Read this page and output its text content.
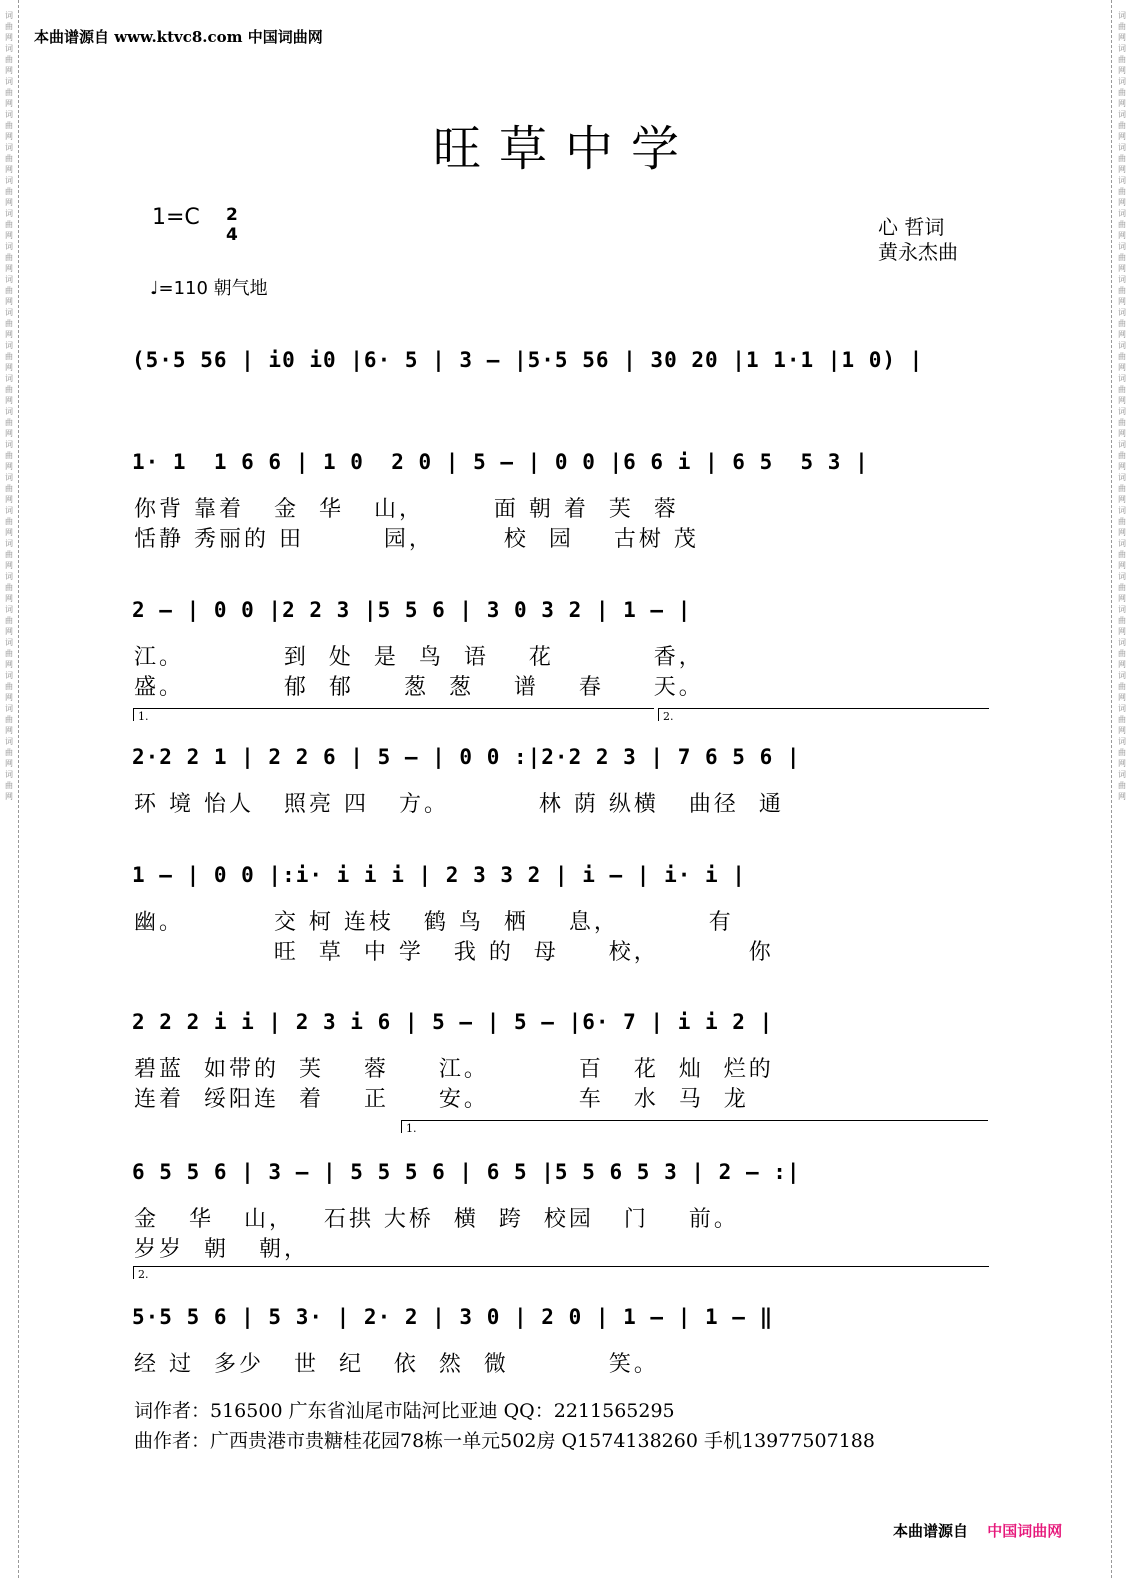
词曲网词曲网词曲网词曲网词曲网词曲网词曲网词曲网词曲网词曲网词曲网词曲网词曲网词曲网词曲网词曲网词曲网词曲网词曲网词曲网词曲网词曲网词曲网词曲网
词曲网词曲网词曲网词曲网词曲网词曲网词曲网词曲网词曲网词曲网词曲网词曲网词曲网词曲网词曲网词曲网词曲网词曲网词曲网词曲网词曲网词曲网词曲网词曲网
本曲谱源自 www.ktvc8.com 中国词曲网
旺草中学
1=C 2
4	心 哲词
黄永杰曲
♩=110 朝气地
(5·5 56 | i0 i0 |6· 5 | 3 – |5·5 56 | 30 20 |1 1·1 |1 0) |
1· 1  1 6 6 | 1 0  2 0 | 5 – | 0 0 |6 6 i | 6 5  5 3 |
你背 靠着   金  华   山，       面 朝 着  芙  蓉
恬静 秀丽的 田        园，       校  园    古树 茂
2 – | 0 0 |2 2 3 |5 5 6 | 3 0 3 2 | 1 – |
江。          到  处  是  鸟  语    花          香，
盛。          郁  郁     葱  葱    谱    春     天。
2·2 2 1 | 2 2 6 | 5 – | 0 0 :|2·2 2 3 | 7 6 5 6 |
环 境 怡人   照亮 四   方。         林 荫 纵横   曲径  通
1 – | 0 0 |:i· i i i | 2 3 3 2 | i – | i· i |
幽。         交 柯 连枝   鹤 鸟  栖    息，         有
旺  草  中 学   我 的  母     校，         你
2 2 2 i i | 2 3 i 6 | 5 – | 5 – |6· 7 | i i 2 |
碧蓝  如带的  芙    蓉     江。         百   花  灿  烂的
连着  绥阳连  着    正     安。         车   水  马  龙
6 5 5 6 | 3 – | 5 5 5 6 | 6 5 |5 5 6 5 3 | 2 – :|
金   华   山，   石拱 大桥  横  跨  校园   门    前。
岁岁  朝   朝，
5·5 5 6 | 5 3· | 2· 2 | 3 0 | 2 0 | 1 – | 1 – ‖
经 过  多少   世  纪   依  然  微          笑。
词作者：516500 广东省汕尾市陆河比亚迪 QQ：2211565295
曲作者：广西贵港市贵糖桂花园78栋一单元502房 Q1574138260 手机13977507188
本曲谱源自 中国词曲网
1.	2.
1.
2.
